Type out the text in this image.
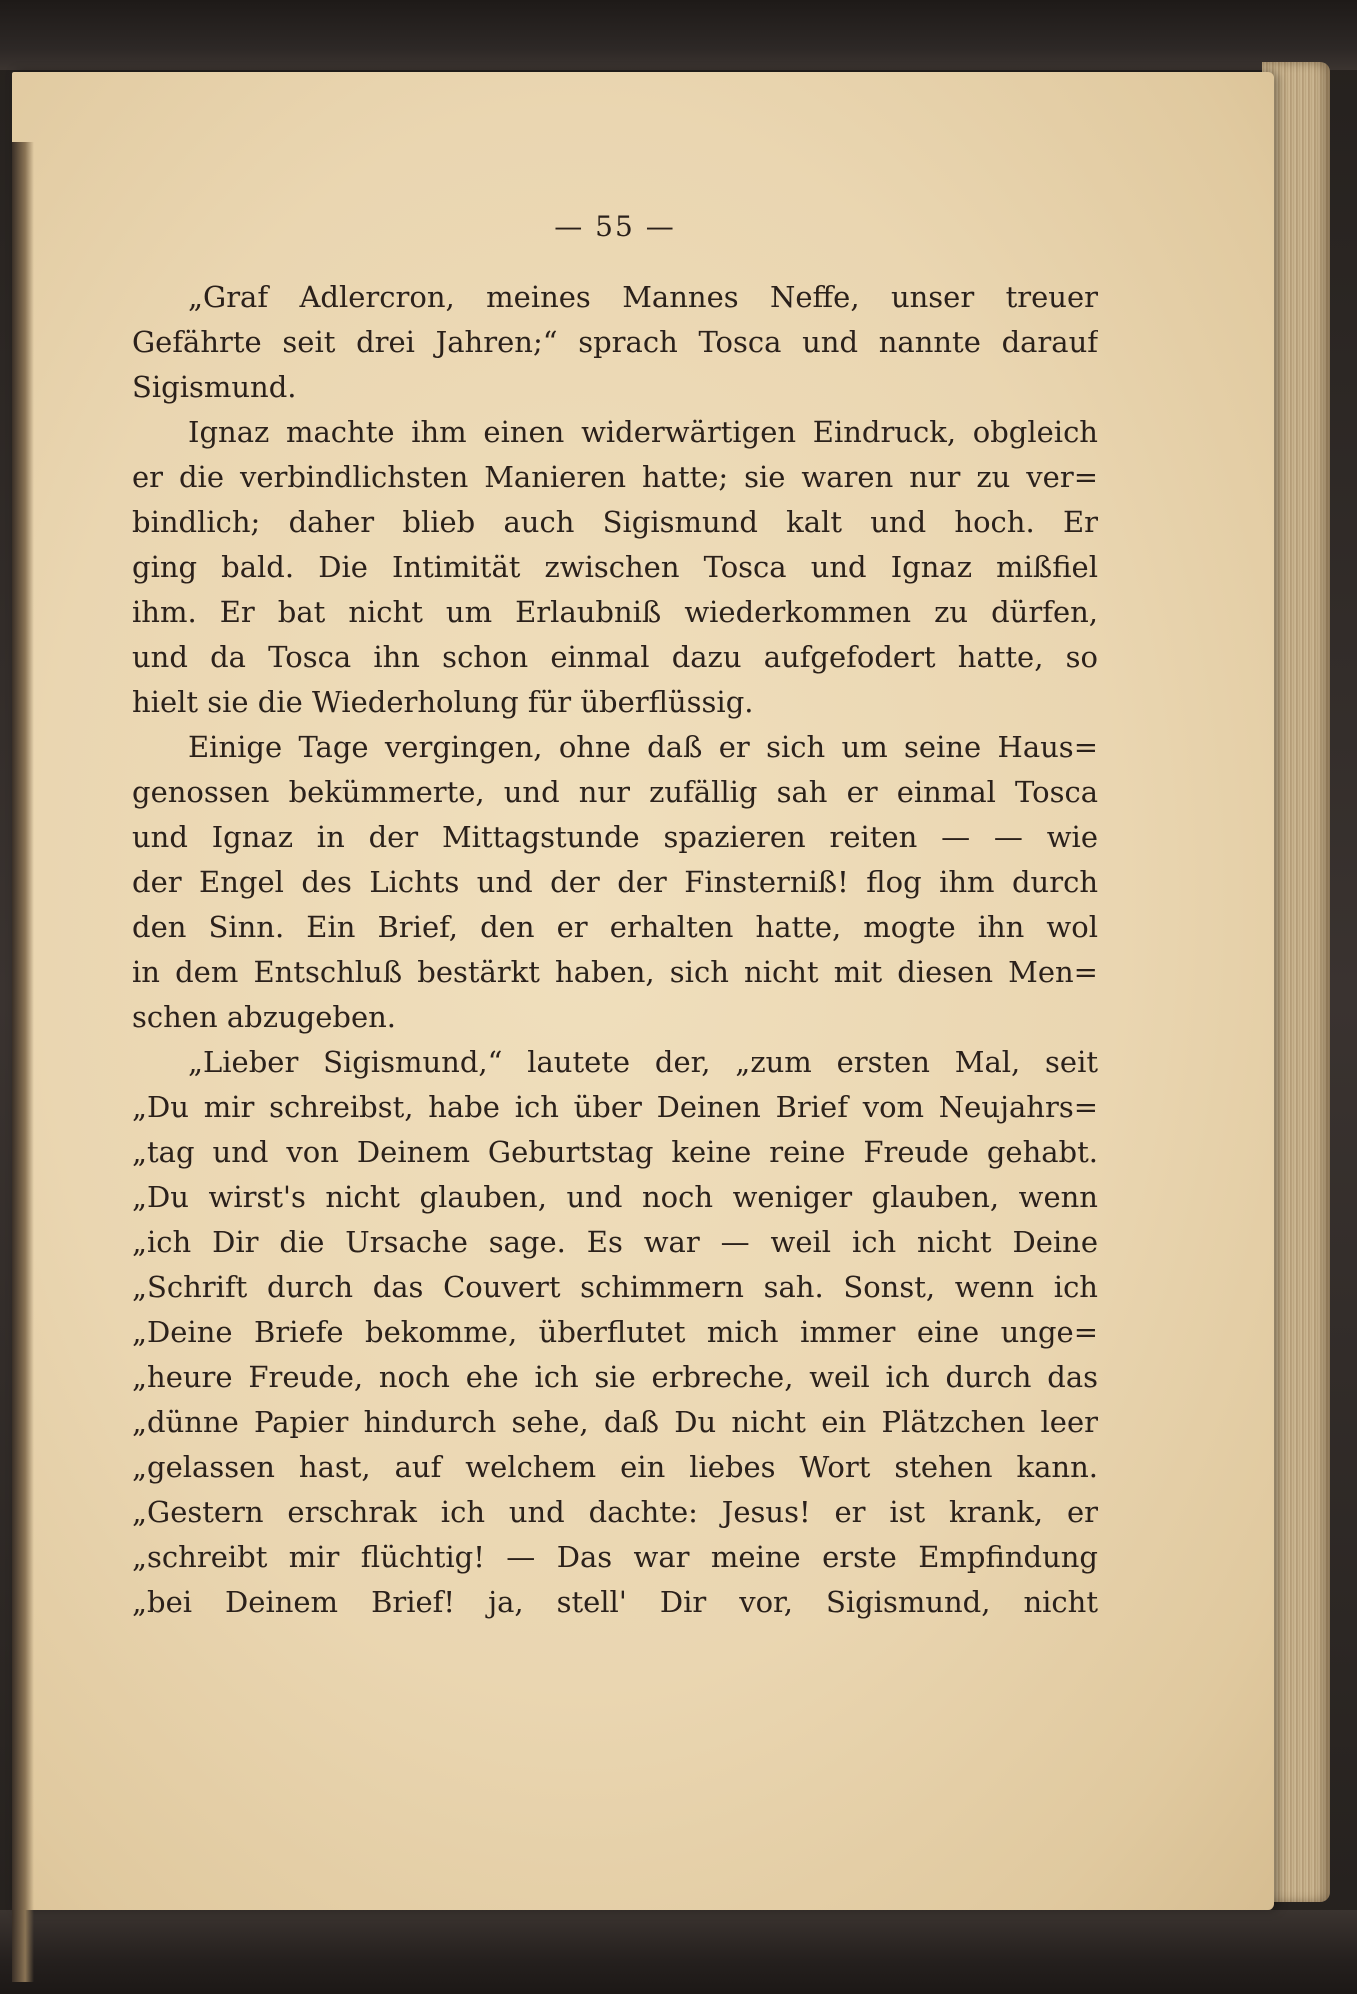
— 55 —
„Graf Adlercron, meines Mannes Neffe, unser treuer
Gefährte seit drei Jahren;“ sprach Tosca und nannte darauf
Sigismund.
Ignaz machte ihm einen widerwärtigen Eindruck, obgleich
er die verbindlichsten Manieren hatte; sie waren nur zu ver=
bindlich; daher blieb auch Sigismund kalt und hoch. Er
ging bald. Die Intimität zwischen Tosca und Ignaz mißfiel
ihm. Er bat nicht um Erlaubniß wiederkommen zu dürfen,
und da Tosca ihn schon einmal dazu aufgefodert hatte, so
hielt sie die Wiederholung für überflüssig.
Einige Tage vergingen, ohne daß er sich um seine Haus=
genossen bekümmerte, und nur zufällig sah er einmal Tosca
und Ignaz in der Mittagstunde spazieren reiten — — wie
der Engel des Lichts und der der Finsterniß! flog ihm durch
den Sinn. Ein Brief, den er erhalten hatte, mogte ihn wol
in dem Entschluß bestärkt haben, sich nicht mit diesen Men=
schen abzugeben.
„Lieber Sigismund,“ lautete der, „zum ersten Mal, seit
„Du mir schreibst, habe ich über Deinen Brief vom Neujahrs=
„tag und von Deinem Geburtstag keine reine Freude gehabt.
„Du wirst's nicht glauben, und noch weniger glauben, wenn
„ich Dir die Ursache sage. Es war — weil ich nicht Deine
„Schrift durch das Couvert schimmern sah. Sonst, wenn ich
„Deine Briefe bekomme, überflutet mich immer eine unge=
„heure Freude, noch ehe ich sie erbreche, weil ich durch das
„dünne Papier hindurch sehe, daß Du nicht ein Plätzchen leer
„gelassen hast, auf welchem ein liebes Wort stehen kann.
„Gestern erschrak ich und dachte: Jesus! er ist krank, er
„schreibt mir flüchtig! — Das war meine erste Empfindung
„bei Deinem Brief! ja, stell' Dir vor, Sigismund, nicht
